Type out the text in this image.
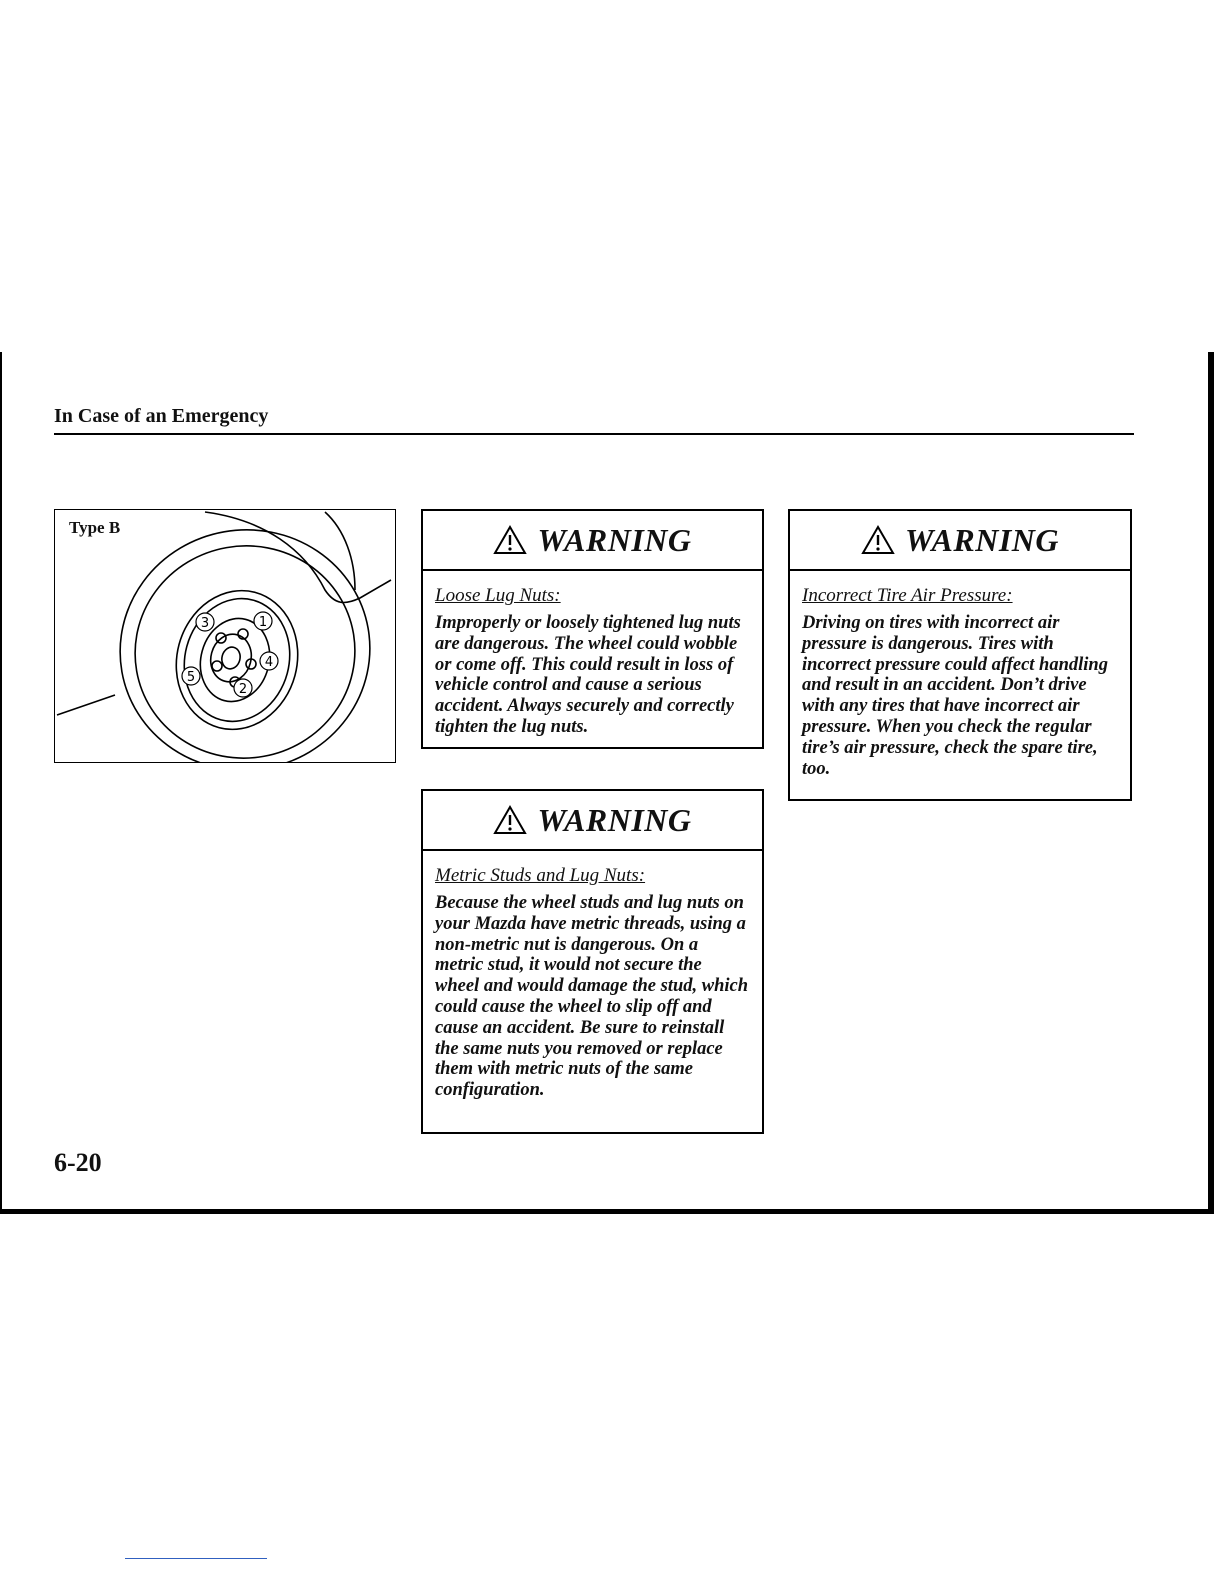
In Case of an Emergency
1
2
3
4
5
Type B	WARNING
Loose Lug Nuts:
Improperly or loosely tightened lug nuts are dangerous. The wheel could wobble or come off. This could result in loss of vehicle control and cause a serious accident. Always securely and correctly tighten the lug nuts.
WARNING
Incorrect Tire Air Pressure:
Driving on tires with incorrect air pressure is dangerous. Tires with incorrect pressure could affect handling and result in an accident. Don’t drive with any tires that have incorrect air pressure. When you check the regular tire’s air pressure, check the spare tire, too.
WARNING
Metric Studs and Lug Nuts:
Because the wheel studs and lug nuts on your Mazda have metric threads, using a non-metric nut is dangerous. On a metric stud, it would not secure the wheel and would damage the stud, which could cause the wheel to slip off and cause an accident. Be sure to reinstall the same nuts you removed or replace them with metric nuts of the same configuration.
6-20
